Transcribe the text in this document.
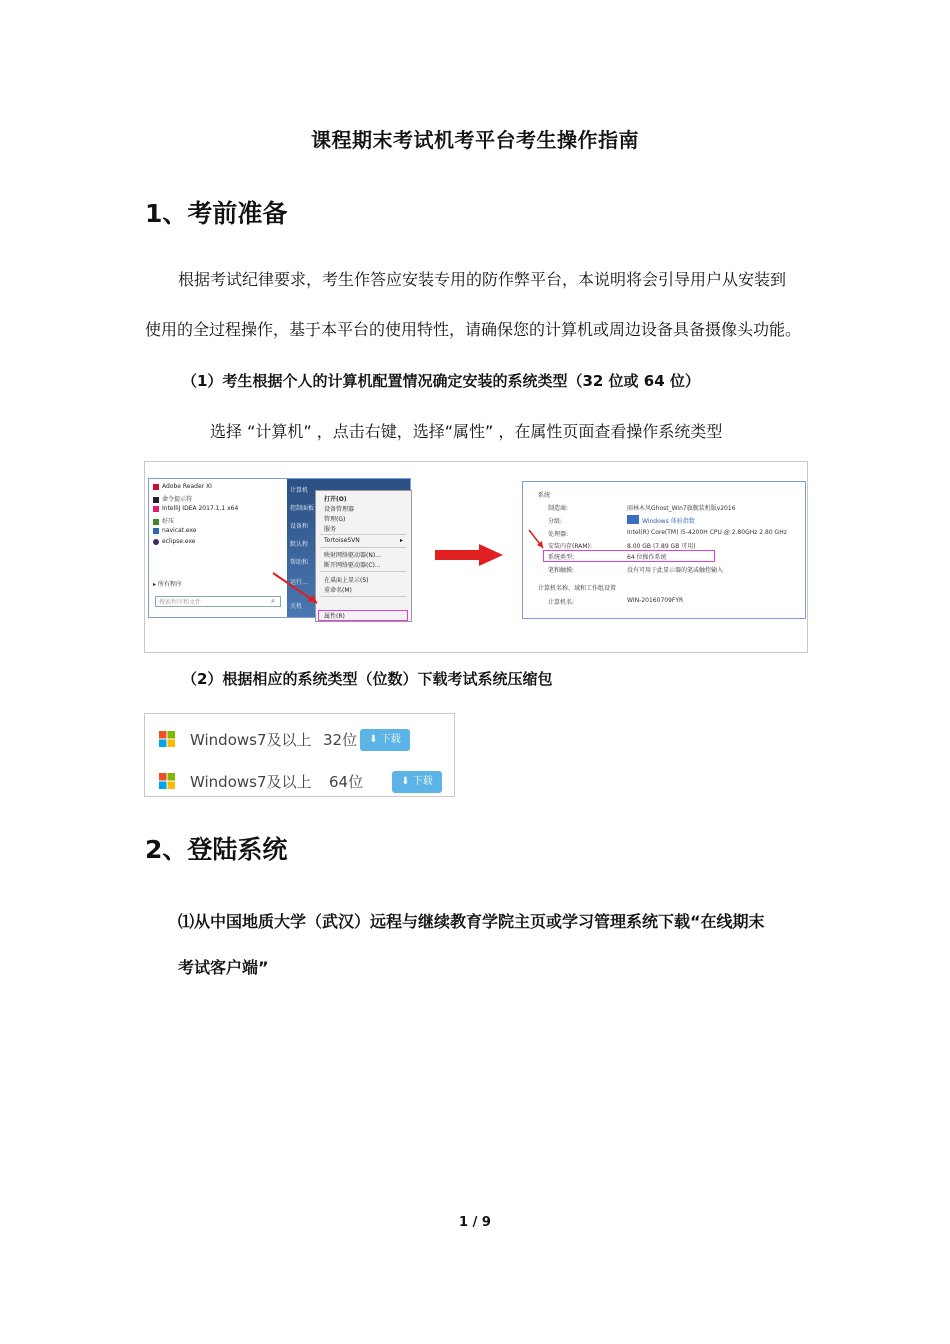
课程期末考试机考平台考生操作指南
1、考前准备
根据考试纪律要求，考生作答应安装专用的防作弊平台，本说明将会引导用户从安装到
使用的全过程操作，基于本平台的使用特性，请确保您的计算机或周边设备具备摄像头功能。
（1）考生根据个人的计算机配置情况确定安装的系统类型（32 位或 64 位）
选择 “计算机” ，点击右键，选择“属性” ，在属性页面查看操作系统类型
Adobe Reader XI
命令提示符
IntelliJ IDEA 2017.1.1 x64
好压
navicat.exe
eclipse.exe
▸ 所有程序
搜索程序和文件	⌕
计算机
控制面板
设备和
默认程
帮助和
运行...
关机
打开(O)
设备管理器
管理(G)
服务
TortoiseSVN	▸
映射网络驱动器(N)...
断开网络驱动器(C)...
在桌面上显示(S)
重命名(M)
属性(R)
系统
制造商:	雨林木风Ghost_Win7旗舰装机版v2016
分级:	Windows 体验指数
处理器:	Intel(R) Core(TM) i5-4200H CPU @ 2.80GHz 2.80 GHz
安装内存(RAM):	8.00 GB (7.89 GB 可用)
系统类型:	64 位操作系统
笔和触摸:	没有可用于此显示器的笔或触控输入
计算机名称、域和工作组设置
计算机名:	WIN-20160709FYR
（2）根据相应的系统类型（位数）下载考试系统压缩包
Windows7及以上 32位	⬇ 下载
Windows7及以上 64位	⬇ 下载
2、登陆系统
⑴从中国地质大学（武汉）远程与继续教育学院主页或学习管理系统下载“在线期末
考试客户端”
1 / 9
